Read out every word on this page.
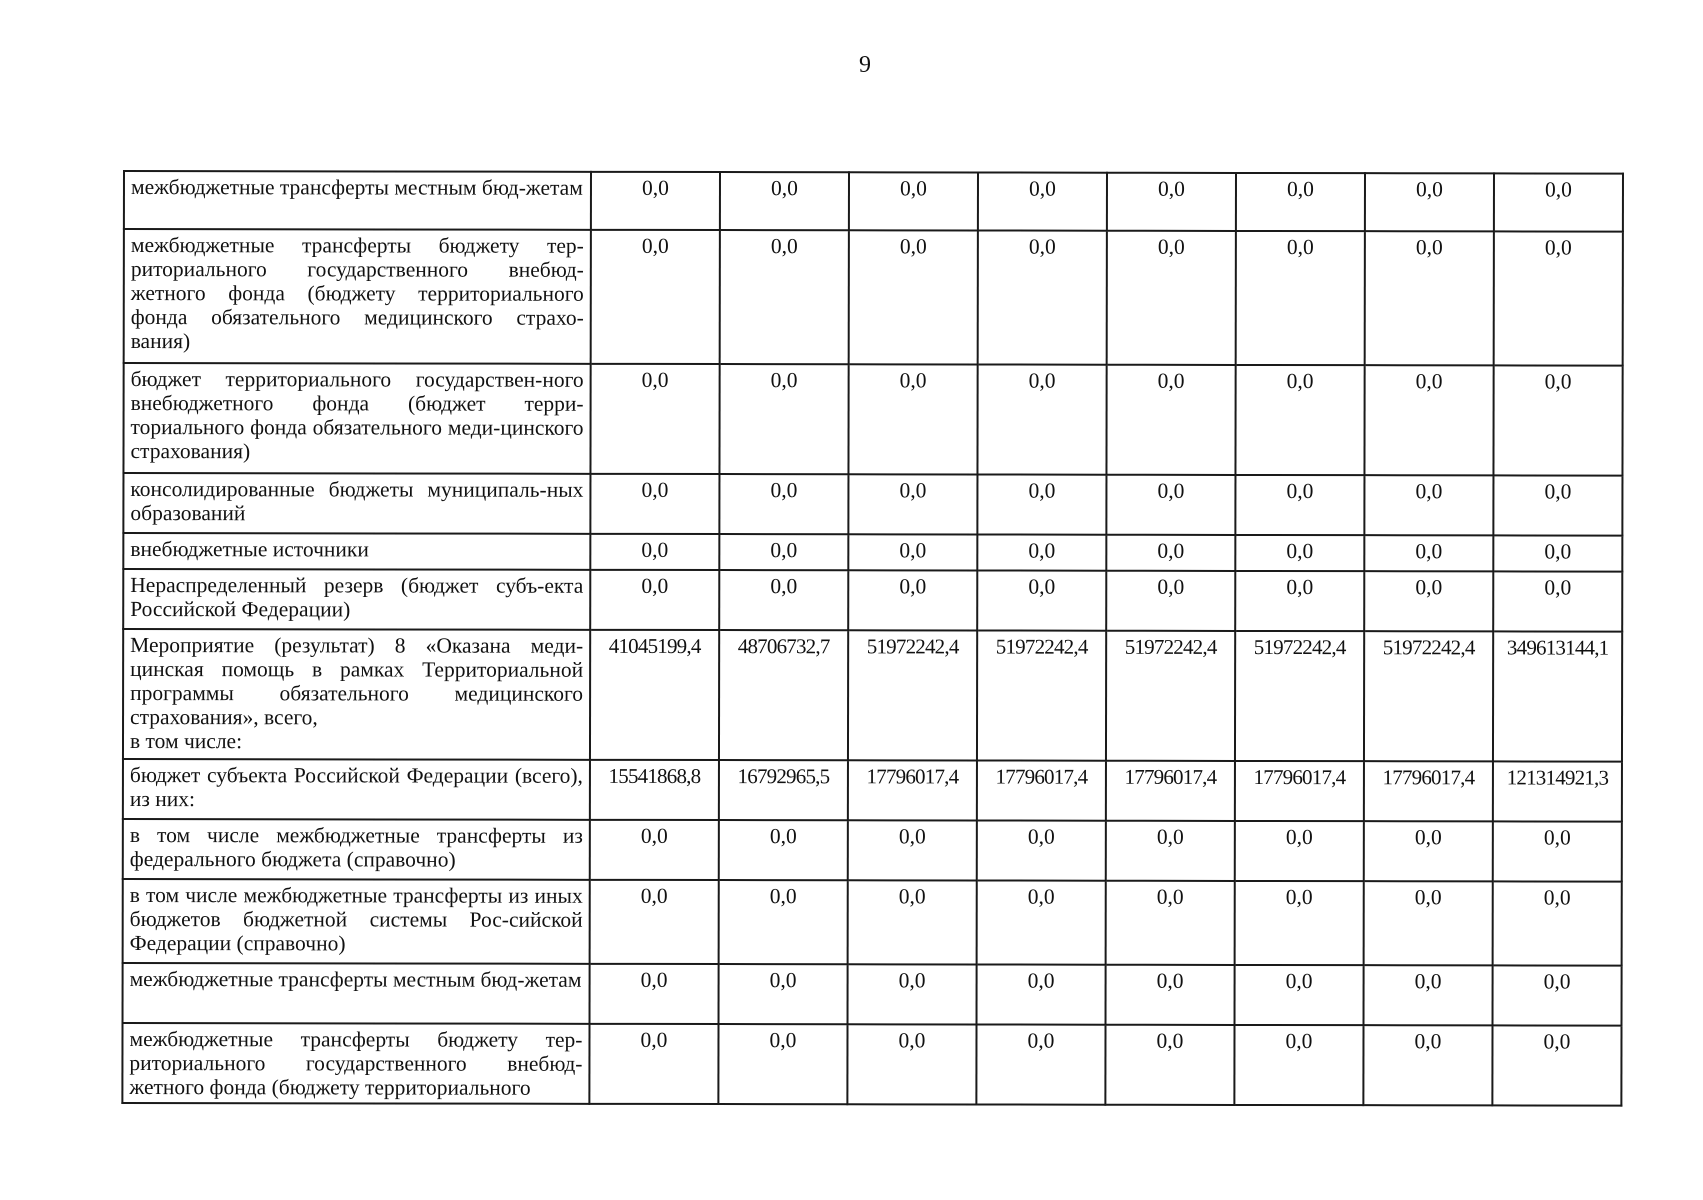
9
межбюджетные трансферты местным бюд-жетам	0,0	0,0	0,0	0,0	0,0	0,0	0,0	0,0
межбюджетные трансферты бюджету тер-риториального государственного внебюд-жетного фонда (бюджету территориального фонда обязательного медицинского страхо-вания)	0,0	0,0	0,0	0,0	0,0	0,0	0,0	0,0
бюджет территориального государствен-ного внебюджетного фонда (бюджет терри-ториального фонда обязательного меди-цинского страхования)	0,0	0,0	0,0	0,0	0,0	0,0	0,0	0,0
консолидированные бюджеты муниципаль-ных образований	0,0	0,0	0,0	0,0	0,0	0,0	0,0	0,0
внебюджетные источники	0,0	0,0	0,0	0,0	0,0	0,0	0,0	0,0
Нераспределенный резерв (бюджет субъ-екта Российской Федерации)	0,0	0,0	0,0	0,0	0,0	0,0	0,0	0,0
Мероприятие (результат) 8 «Оказана меди-цинская помощь в рамках Территориальной программы обязательного медицинского страхования», всего,
в том числе:	41045199,4	48706732,7	51972242,4	51972242,4	51972242,4	51972242,4	51972242,4	349613144,1
бюджет субъекта Российской Федерации (всего), из них:	15541868,8	16792965,5	17796017,4	17796017,4	17796017,4	17796017,4	17796017,4	121314921,3
в том числе межбюджетные трансферты из федерального бюджета (справочно)	0,0	0,0	0,0	0,0	0,0	0,0	0,0	0,0
в том числе межбюджетные трансферты из иных бюджетов бюджетной системы Рос-сийской Федерации (справочно)	0,0	0,0	0,0	0,0	0,0	0,0	0,0	0,0
межбюджетные трансферты местным бюд-жетам	0,0	0,0	0,0	0,0	0,0	0,0	0,0	0,0
межбюджетные трансферты бюджету тер-риториального государственного внебюд-жетного фонда (бюджету территориального	0,0	0,0	0,0	0,0	0,0	0,0	0,0	0,0
